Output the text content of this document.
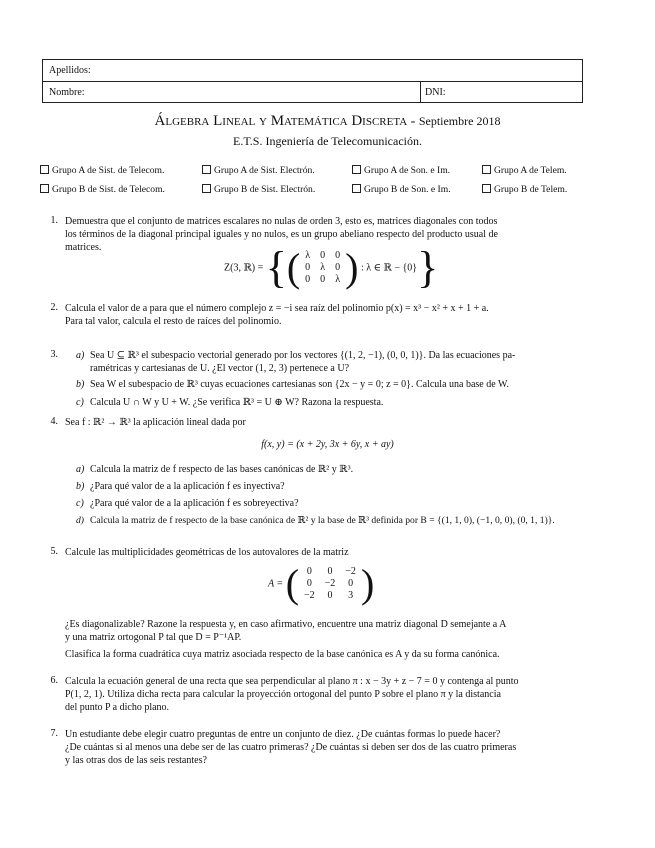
Apellidos:
Nombre:	DNI:
Álgebra Lineal y Matemática Discreta - Septiembre 2018
E.T.S. Ingeniería de Telecomunicación.
Grupo A de Sist. de Telecom.	Grupo A de Sist. Electrón.	Grupo A de Son. e Im.	Grupo A de Telem.
Grupo B de Sist. de Telecom.	Grupo B de Sist. Electrón.	Grupo B de Son. e Im.	Grupo B de Telem.
1. Demuestra que el conjunto de matrices escalares no nulas de orden 3, esto es, matrices diagonales con todos
los términos de la diagonal principal iguales y no nulos, es un grupo abeliano respecto del producto usual de
matrices.
Z(3, ℝ) = {( λ	0	0
0	λ	0
0	0	λ ) : λ ∈ ℝ − {0}}
2. Calcula el valor de a para que el número complejo z = −i sea raíz del polinomio p(x) = x³ − x² + x + 1 + a.
Para tal valor, calcula el resto de raíces del polinomio.
3. a) Sea U ⊆ ℝ³ el subespacio vectorial generado por los vectores {(1, 2, −1), (0, 0, 1)}. Da las ecuaciones pa-
ramétricas y cartesianas de U. ¿El vector (1, 2, 3) pertenece a U?
b) Sea W el subespacio de ℝ³ cuyas ecuaciones cartesianas son {2x − y = 0; z = 0}. Calcula una base de W.
c) Calcula U ∩ W y U + W. ¿Se verifica ℝ³ = U ⊕ W? Razona la respuesta.
4. Sea f : ℝ² → ℝ³ la aplicación lineal dada por
f(x, y) = (x + 2y, 3x + 6y, x + ay)
a) Calcula la matriz de f respecto de las bases canónicas de ℝ² y ℝ³.
b) ¿Para qué valor de a la aplicación f es inyectiva?
c) ¿Para qué valor de a la aplicación f es sobreyectiva?
d) Calcula la matriz de f respecto de la base canónica de ℝ² y la base de ℝ³ definida por B = {(1, 1, 0), (−1, 0, 0), (0, 1, 1)}.
5. Calcule las multiplicidades geométricas de los autovalores de la matriz
A = ( 0	0	−2
0	−2	0
−2	0	3 )
¿Es diagonalizable? Razone la respuesta y, en caso afirmativo, encuentre una matriz diagonal D semejante a A
y una matriz ortogonal P tal que D = P⁻¹AP.
Clasifica la forma cuadrática cuya matriz asociada respecto de la base canónica es A y da su forma canónica.
6. Calcula la ecuación general de una recta que sea perpendicular al plano π : x − 3y + z − 7 = 0 y contenga al punto
P(1, 2, 1). Utiliza dicha recta para calcular la proyección ortogonal del punto P sobre el plano π y la distancia
del punto P a dicho plano.
7. Un estudiante debe elegir cuatro preguntas de entre un conjunto de diez. ¿De cuántas formas lo puede hacer?
¿De cuántas si al menos una debe ser de las cuatro primeras? ¿De cuántas si deben ser dos de las cuatro primeras
y las otras dos de las seis restantes?
